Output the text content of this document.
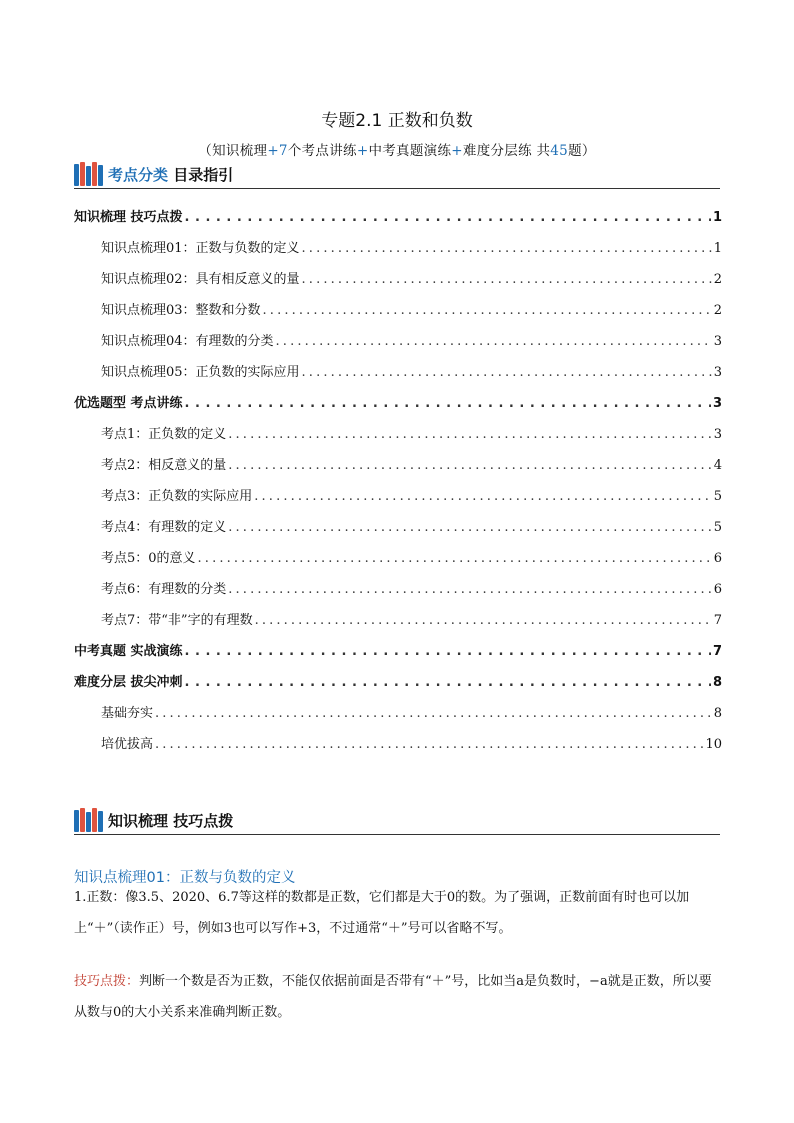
专题2.1 正数和负数
（知识梳理+7个考点讲练+中考真题演练+难度分层练 共45题）
考点分类 目录指引
知识梳理 技巧点拨 . . .	1
知识点梳理01：正数与负数的定义 . . .	1
知识点梳理02：具有相反意义的量 . . .	2
知识点梳理03：整数和分数 . . .	2
知识点梳理04：有理数的分类 . . .	3
知识点梳理05：正负数的实际应用 . . .	3
优选题型 考点讲练 . . .	3
考点1：正负数的定义 . . .	3
考点2：相反意义的量 . . .	4
考点3：正负数的实际应用 . . .	5
考点4：有理数的定义 . . .	5
考点5：0的意义 . . .	6
考点6：有理数的分类 . . .	6
考点7：带“非”字的有理数 . . .	7
中考真题 实战演练 . . .	7
难度分层 拔尖冲刺 . . .	8
基础夯实 . . .	8
培优拔高 . . .	10
知识梳理 技巧点拨
知识点梳理01：正数与负数的定义
1.正数：像3.5、2020、6.7等这样的数都是正数，它们都是大于0的数。为了强调，正数前面有时也可以加上“＋”（读作正）号，例如3也可以写作+3，不过通常“＋”号可以省略不写。
技巧点拨：判断一个数是否为正数，不能仅依据前面是否带有“＋”号，比如当a是负数时，−a就是正数，所以要从数与0的大小关系来准确判断正数。
